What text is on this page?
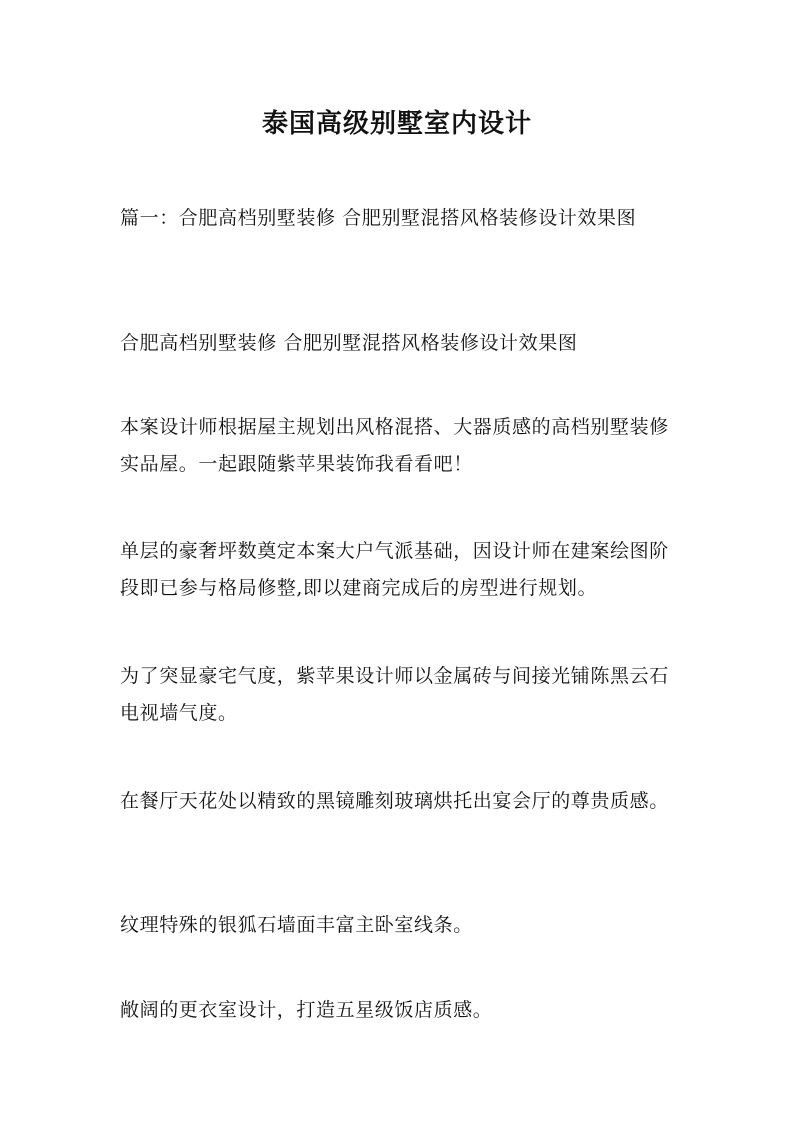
泰国高级别墅室内设计

篇一：合肥高档别墅装修 合肥别墅混搭风格装修设计效果图

合肥高档别墅装修 合肥别墅混搭风格装修设计效果图

本案设计师根据屋主规划出风格混搭、大器质感的高档别墅装修实品屋。一起跟随紫苹果装饰我看看吧！

单层的豪奢坪数奠定本案大户气派基础，因设计师在建案绘图阶段即已参与格局修整,即以建商完成后的房型进行规划。

为了突显豪宅气度，紫苹果设计师以金属砖与间接光铺陈黑云石电视墙气度。

在餐厅天花处以精致的黑镜雕刻玻璃烘托出宴会厅的尊贵质感。

纹理特殊的银狐石墙面丰富主卧室线条。

敞阔的更衣室设计，打造五星级饭店质感。
